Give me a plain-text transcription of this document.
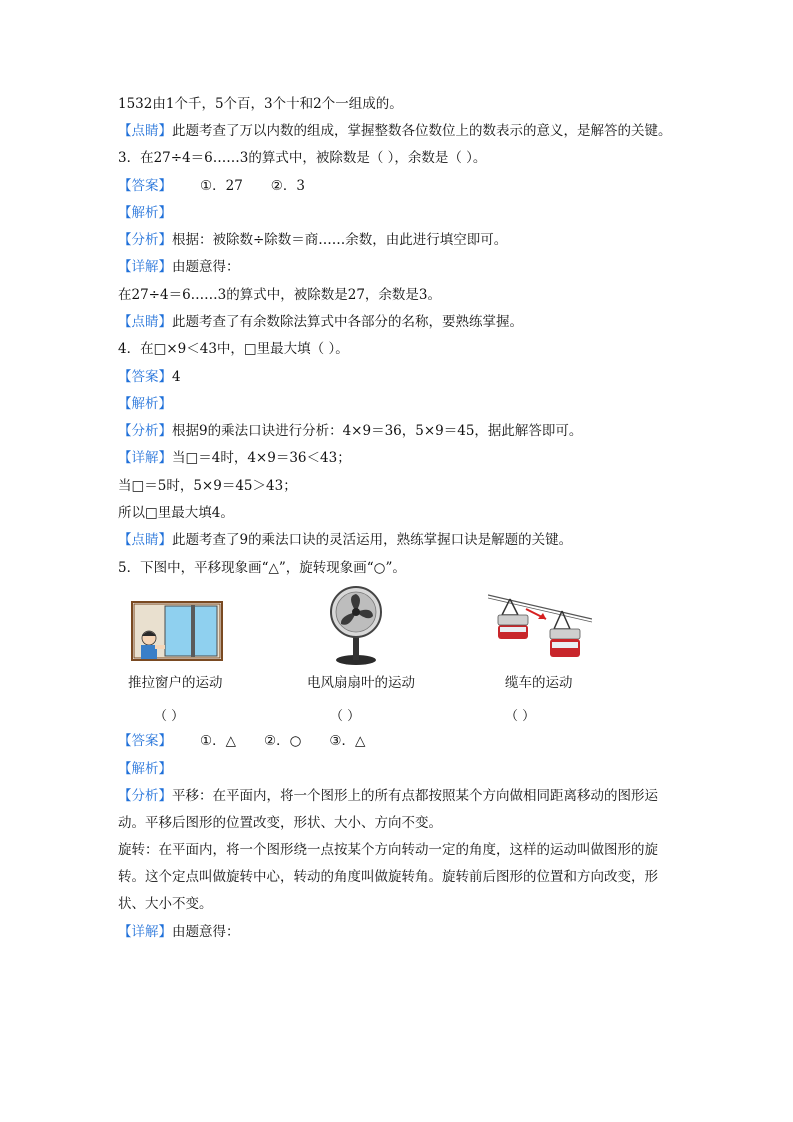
1532由1个千，5个百，3个十和2个一组成的。
【点睛】此题考查了万以内数的组成，掌握整数各位数位上的数表示的意义，是解答的关键。
3．在27÷4＝6……3的算式中，被除数是（ ），余数是（ ）。
【答案】 ①．27 ②．3
【解析】
【分析】根据：被除数÷除数＝商……余数，由此进行填空即可。
【详解】由题意得：
在27÷4＝6……3的算式中，被除数是27，余数是3。
【点睛】此题考查了有余数除法算式中各部分的名称，要熟练掌握。
4．在□×9＜43中，□里最大填（ ）。
【答案】4
【解析】
【分析】根据9的乘法口诀进行分析：4×9＝36，5×9＝45，据此解答即可。
【详解】当□＝4时，4×9＝36＜43；
当□＝5时，5×9＝45＞43；
所以□里最大填4。
【点睛】此题考查了9的乘法口诀的灵活运用，熟练掌握口诀是解题的关键。
5．下图中，平移现象画“△”，旋转现象画“○”。
推拉窗户的运动	电风扇扇叶的运动	缆车的运动
（ ）	（ ）	（ ）
【答案】 ①．△ ②．○ ③．△
【解析】
【分析】平移：在平面内，将一个图形上的所有点都按照某个方向做相同距离移动的图形运
动。平移后图形的位置改变，形状、大小、方向不变。
旋转：在平面内，将一个图形绕一点按某个方向转动一定的角度，这样的运动叫做图形的旋
转。这个定点叫做旋转中心，转动的角度叫做旋转角。旋转前后图形的位置和方向改变，形
状、大小不变。
【详解】由题意得：
